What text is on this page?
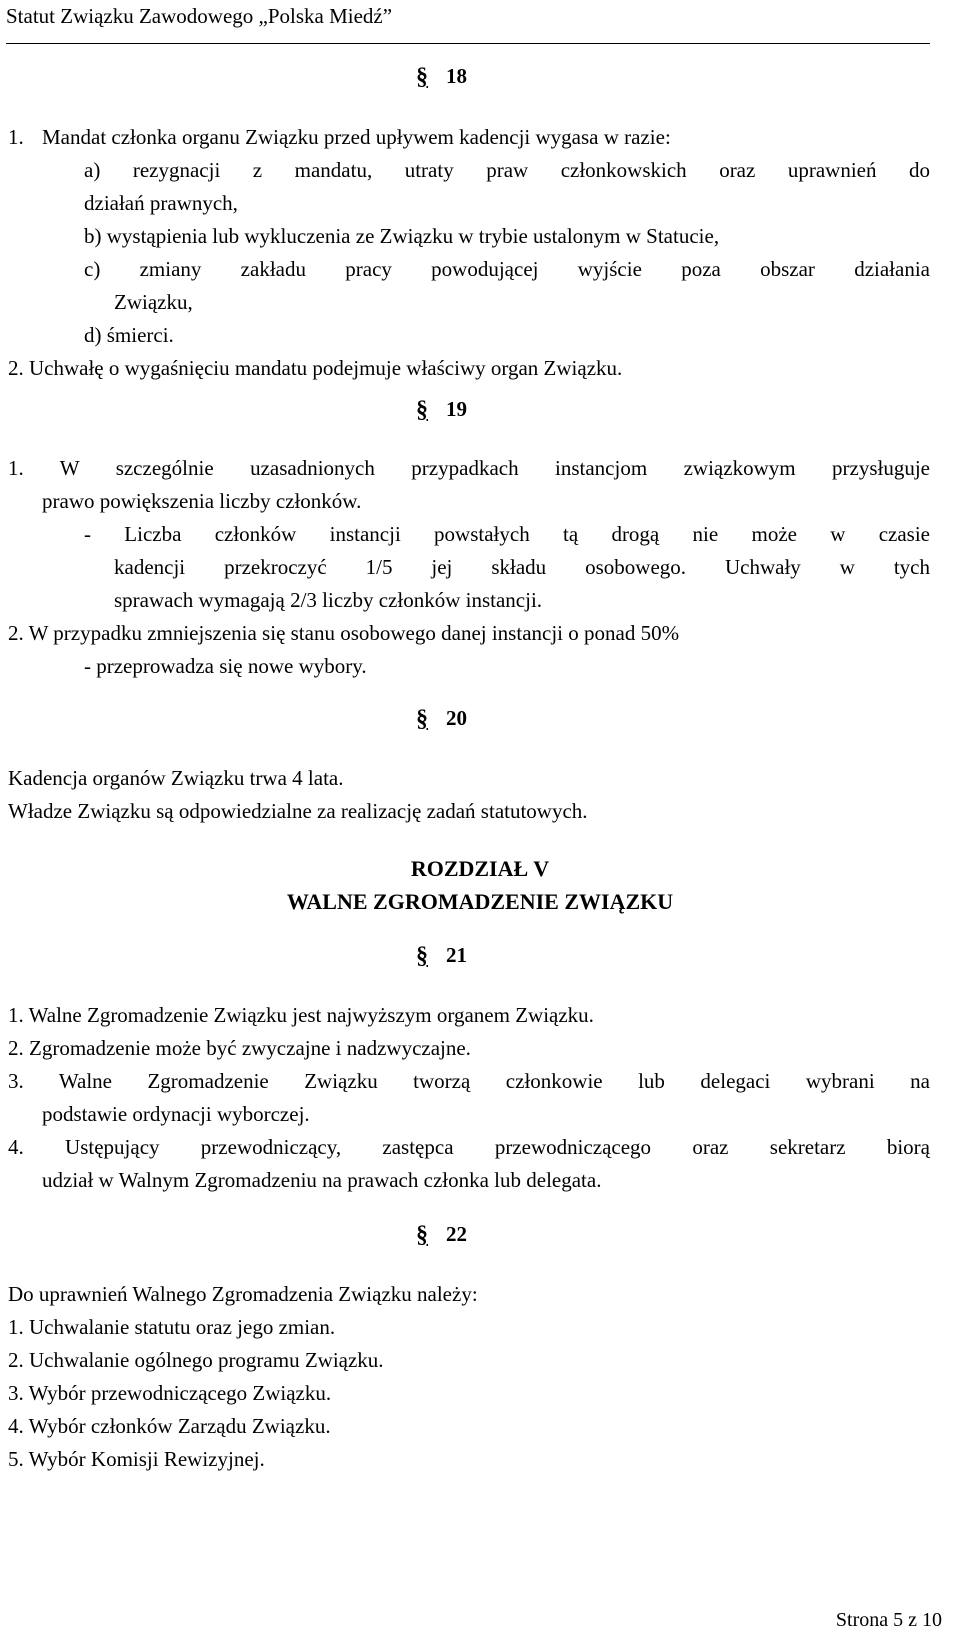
Statut Związku Zawodowego „Polska Miedź”
§ 18
1. Mandat członka organu Związku przed upływem kadencji wygasa w razie:
a) rezygnacji z mandatu, utraty praw członkowskich oraz uprawnień do
działań prawnych,
b) wystąpienia lub wykluczenia ze Związku w trybie ustalonym w Statucie,
c) zmiany zakładu pracy powodującej wyjście poza obszar działania
Związku,
d) śmierci.
2. Uchwałę o wygaśnięciu mandatu podejmuje właściwy organ Związku.
§ 19
1. W szczególnie uzasadnionych przypadkach instancjom związkowym przysługuje
prawo powiększenia liczby członków.
- Liczba członków instancji powstałych tą drogą nie może w czasie
kadencji przekroczyć 1/5 jej składu osobowego. Uchwały w tych
sprawach wymagają 2/3 liczby członków instancji.
2. W przypadku zmniejszenia się stanu osobowego danej instancji o ponad 50%
- przeprowadza się nowe wybory.
§ 20
Kadencja organów Związku trwa 4 lata.
Władze Związku są odpowiedzialne za realizację zadań statutowych.
ROZDZIAŁ V
WALNE ZGROMADZENIE ZWIĄZKU
§ 21
1. Walne Zgromadzenie Związku jest najwyższym organem Związku.
2. Zgromadzenie może być zwyczajne i nadzwyczajne.
3. Walne Zgromadzenie Związku tworzą członkowie lub delegaci wybrani na
podstawie ordynacji wyborczej.
4. Ustępujący przewodniczący, zastępca przewodniczącego oraz sekretarz biorą
udział w Walnym Zgromadzeniu na prawach członka lub delegata.
§ 22
Do uprawnień Walnego Zgromadzenia Związku należy:
1. Uchwalanie statutu oraz jego zmian.
2. Uchwalanie ogólnego programu Związku.
3. Wybór przewodniczącego Związku.
4. Wybór członków Zarządu Związku.
5. Wybór Komisji Rewizyjnej.
Strona 5 z 10
